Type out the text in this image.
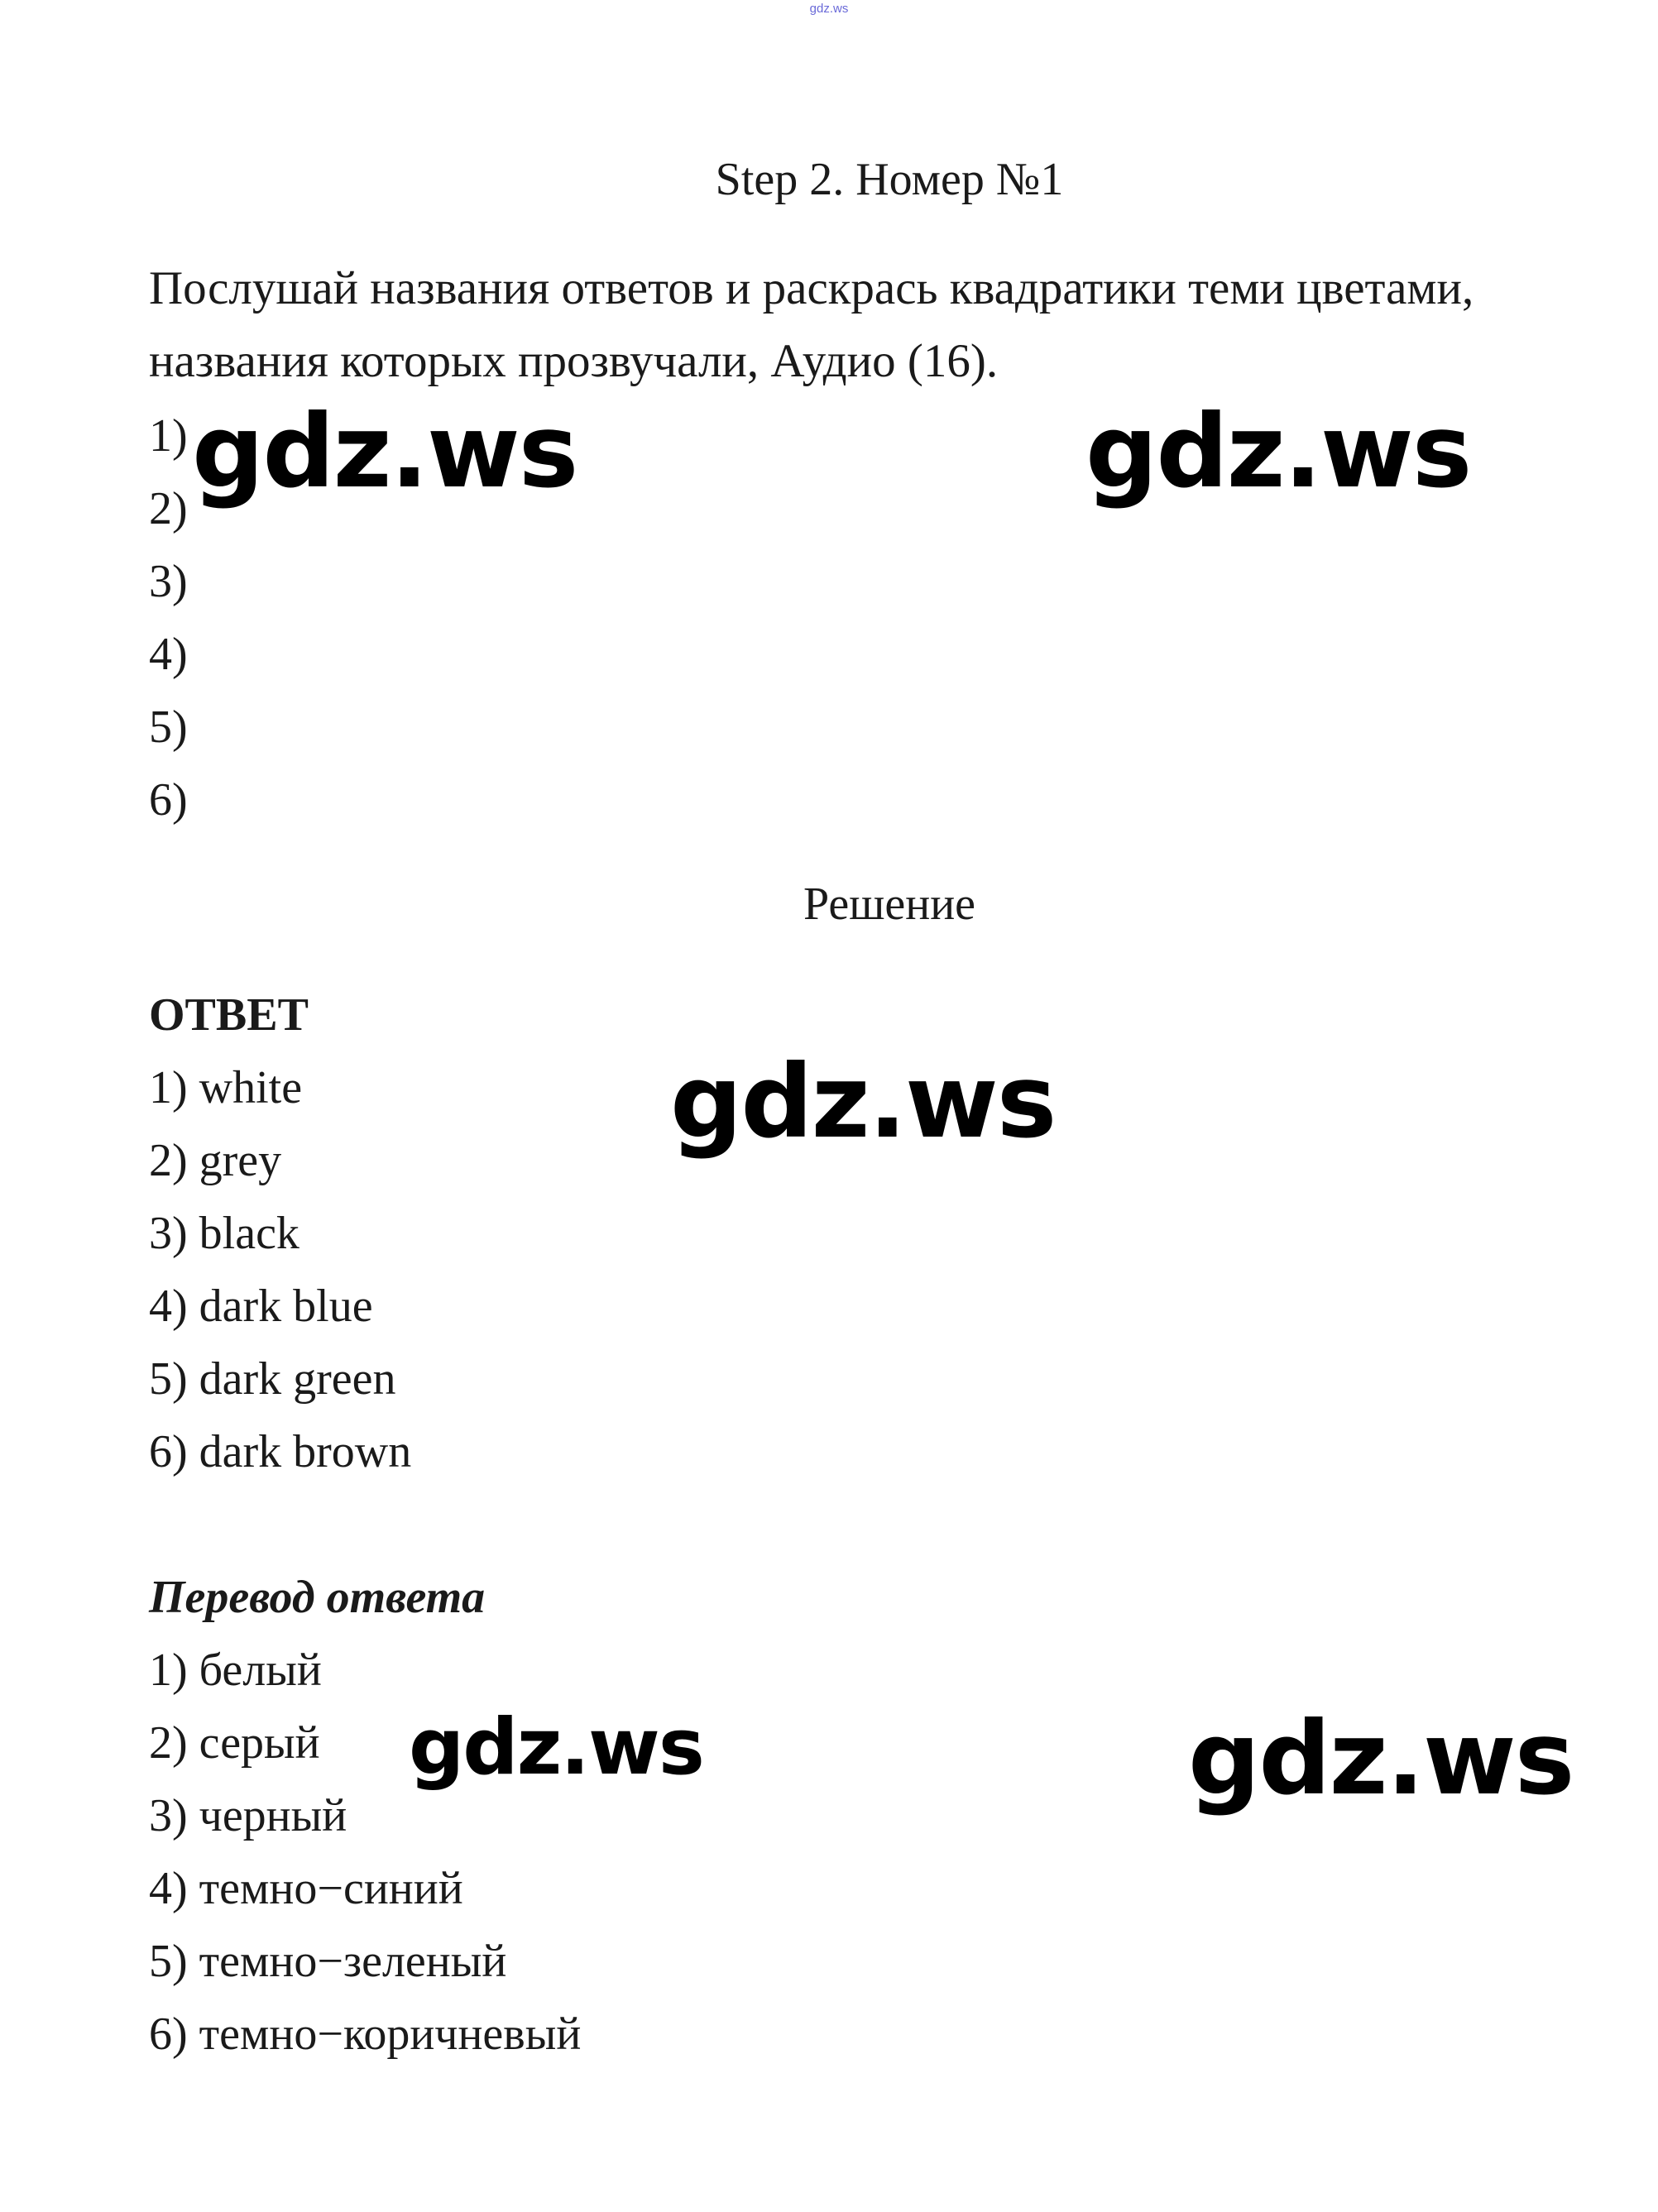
gdz.ws
Step 2. Номер №1
Послушай названия ответов и раскрась квадратики теми цветами, названия которых прозвучали, Аудио (16).
1)
2)
3)
4)
5)
6)
Решение
ОТВЕТ
1) white
2) grey
3) black
4) dark blue
5) dark green
6) dark brown
Перевод ответа
1) белый
2) серый
3) черный
4) темно−синий
5) темно−зеленый
6) темно−коричневый
gdz.ws	gdz.ws
gdz.ws
gdz.ws	gdz.ws
